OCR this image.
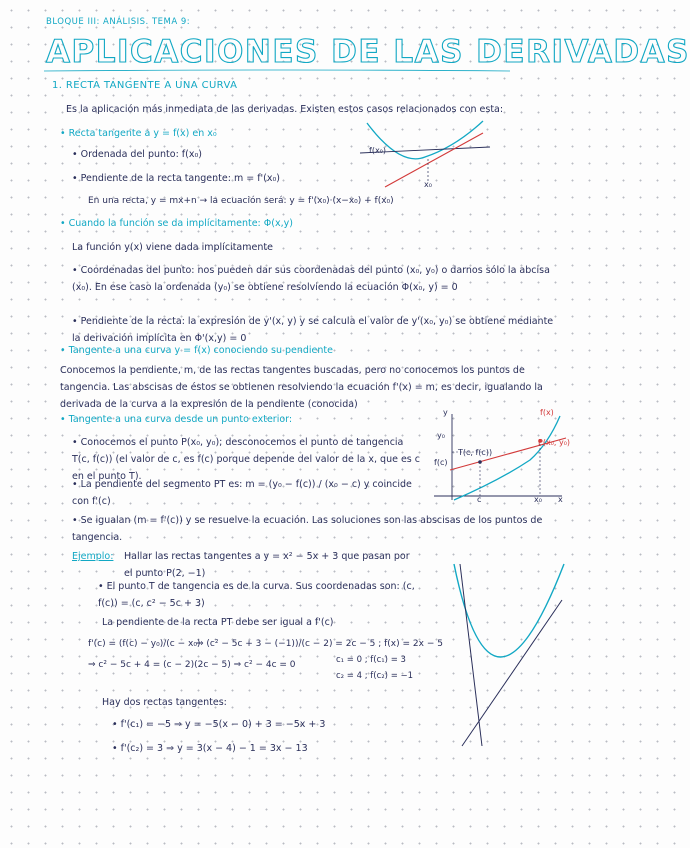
BLOQUE III: ANÁLISIS. TEMA 9:
APLICACIONES DE LAS DERIVADAS
1. RECTA TANGENTE A UNA CURVA
Es la aplicación más inmediata de las derivadas. Existen estos casos relacionados con esta:
• Recta tangente a y = f(x) en x₀
• Ordenada del punto: f(x₀)
• Pendiente de la recta tangente: m = f'(x₀)
En una recta, y = mx+n → la ecuación será: y = f'(x₀)·(x−x₀) + f(x₀)
f(x₀)
x₀
• Cuando la función se da implícitamente: Φ(x,y)
La función y(x) viene dada implícitamente
• Coordenadas del punto: nos pueden dar sus coordenadas del punto (x₀, y₀) o darnos sólo la abcisa (x₀). En ese caso la ordenada (y₀) se obtiene resolviendo la ecuación Φ(x₀, y) = 0
• Pendiente de la recta: la expresión de y'(x, y) y se calcula el valor de y'(x₀, y₀) se obtiene mediante la derivación implícita en Φ'(x,y) = 0
• Tangente a una curva y = f(x) conociendo su pendiente
Conocemos la pendiente, m, de las rectas tangentes buscadas, pero no conocemos los puntos de tangencia. Las abscisas de éstos se obtienen resolviendo la ecuación f'(x) = m, es decir, igualando la derivada de la curva a la expresión de la pendiente (conocida)
• Tangente a una curva desde un punto exterior:
• Conocemos el punto P(x₀, y₀); desconocemos el punto de tangencia T(c, f(c)) (el valor de c, es f(c) porque depende del valor de la x, que es c en el punto T).
• La pendiente del segmento PT es: m = (y₀ − f(c)) / (x₀ − c) y coincide con f'(c)
• Se igualan (m = f'(c)) y se resuelve la ecuación. Las soluciones son las abscisas de los puntos de tangencia.
y	f(x)
P(x₀, y₀)
T(c, f(c))
y₀
f(c)
c	x₀ x
Ejemplo: Hallar las rectas tangentes a y = x² − 5x + 3 que pasan por el punto P(2, −1)
• El punto T de tangencia es de la curva. Sus coordenadas son: (c, f(c)) = (c, c² − 5c + 3)
La pendiente de la recta PT debe ser igual a f'(c)
f'(c) = (f(c) − y₀)/(c − x₀)
⇒ (c² − 5c + 3 − (−1))/(c − 2) = 2c − 5 ; f(x) = 2x − 5
⇒ c² − 5c + 4 = (c − 2)(2c − 5) ⇒ c² − 4c = 0	c₁ = 0 ; f(c₁) = 3
c₂ = 4 ; f(c₂) = −1
Hay dos rectas tangentes:
• f'(c₁) = −5 ⇒ y = −5(x − 0) + 3 = −5x + 3
• f'(c₂) = 3 ⇒ y = 3(x − 4) − 1 = 3x − 13
